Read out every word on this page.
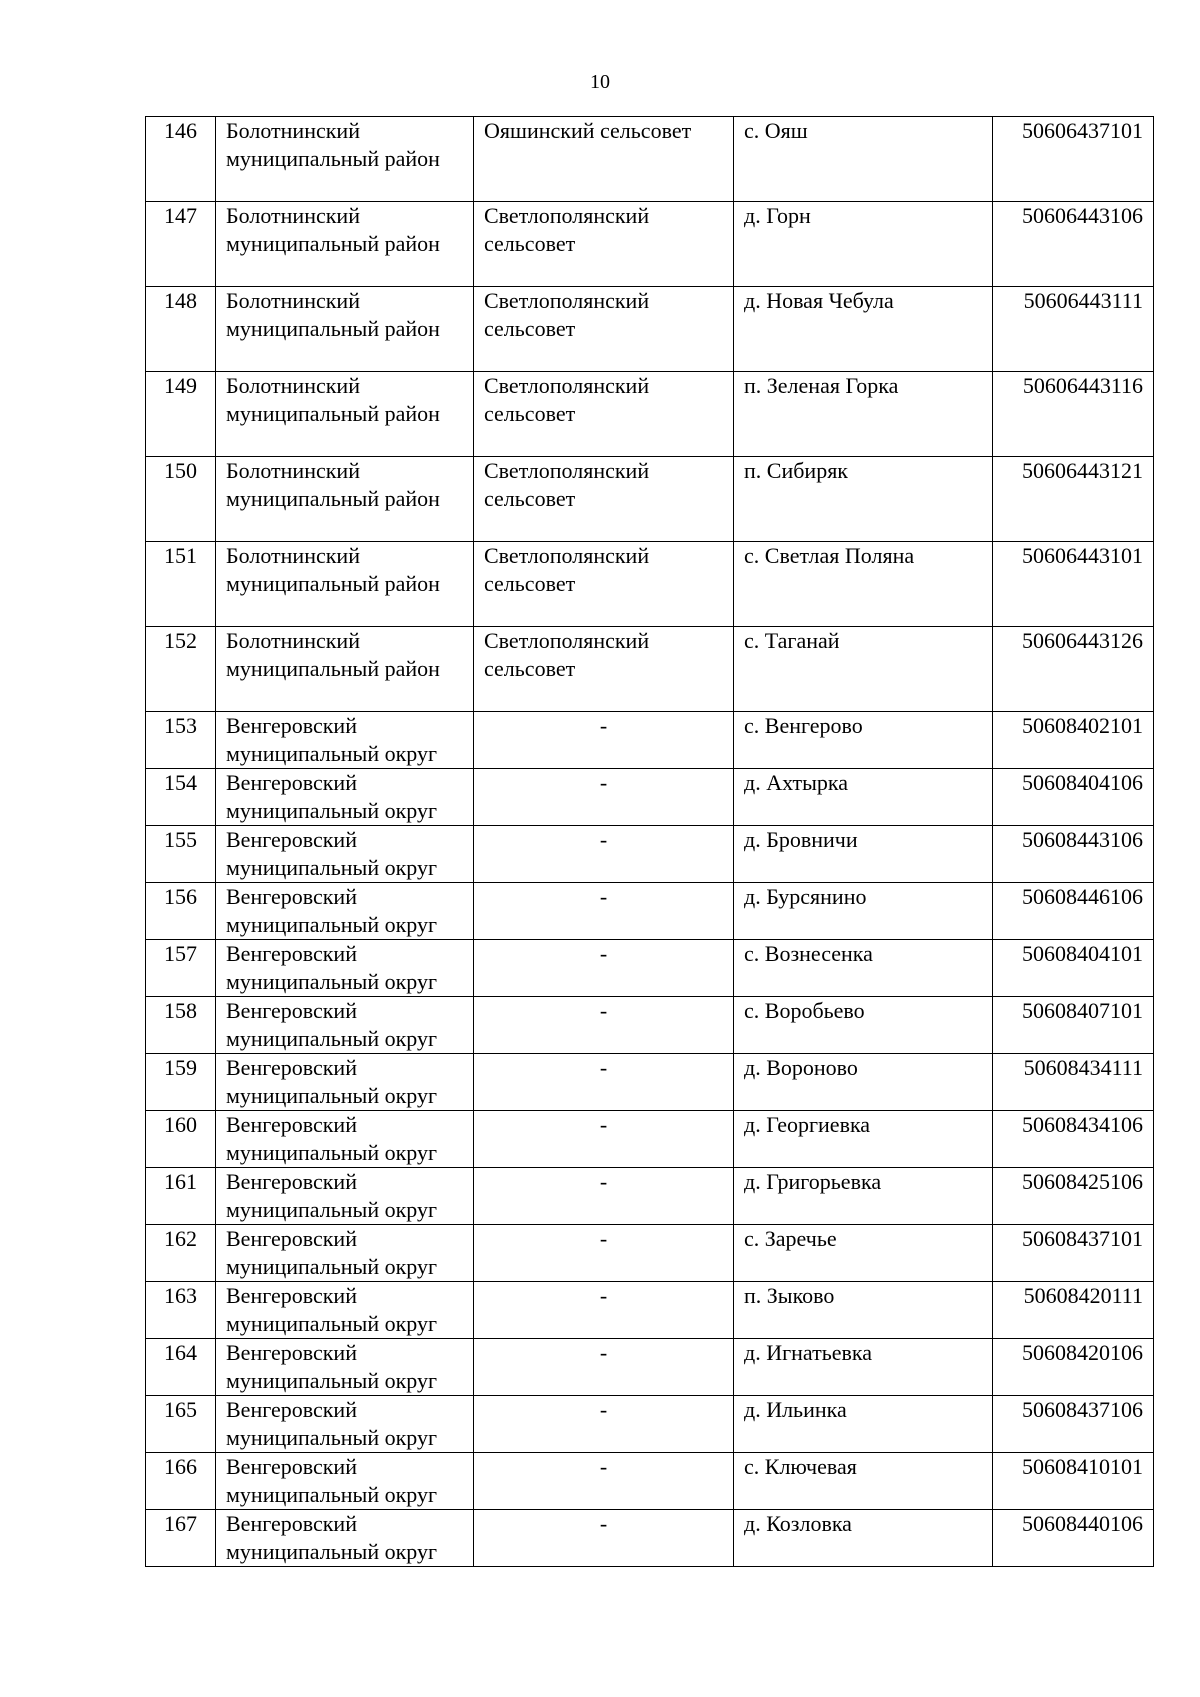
10
146	Болотнинский муниципальный район	Ояшинский сельсовет	с. Ояш	50606437101
147	Болотнинский муниципальный район	Светлополянский сельсовет	д. Горн	50606443106
148	Болотнинский муниципальный район	Светлополянский сельсовет	д. Новая Чебула	50606443111
149	Болотнинский муниципальный район	Светлополянский сельсовет	п. Зеленая Горка	50606443116
150	Болотнинский муниципальный район	Светлополянский сельсовет	п. Сибиряк	50606443121
151	Болотнинский муниципальный район	Светлополянский сельсовет	с. Светлая Поляна	50606443101
152	Болотнинский муниципальный район	Светлополянский сельсовет	с. Таганай	50606443126
153	Венгеровский муниципальный округ	-	с. Венгерово	50608402101
154	Венгеровский муниципальный округ	-	д. Ахтырка	50608404106
155	Венгеровский муниципальный округ	-	д. Бровничи	50608443106
156	Венгеровский муниципальный округ	-	д. Бурсянино	50608446106
157	Венгеровский муниципальный округ	-	с. Вознесенка	50608404101
158	Венгеровский муниципальный округ	-	с. Воробьево	50608407101
159	Венгеровский муниципальный округ	-	д. Вороново	50608434111
160	Венгеровский муниципальный округ	-	д. Георгиевка	50608434106
161	Венгеровский муниципальный округ	-	д. Григорьевка	50608425106
162	Венгеровский муниципальный округ	-	с. Заречье	50608437101
163	Венгеровский муниципальный округ	-	п. Зыково	50608420111
164	Венгеровский муниципальный округ	-	д. Игнатьевка	50608420106
165	Венгеровский муниципальный округ	-	д. Ильинка	50608437106
166	Венгеровский муниципальный округ	-	с. Ключевая	50608410101
167	Венгеровский муниципальный округ	-	д. Козловка	50608440106
